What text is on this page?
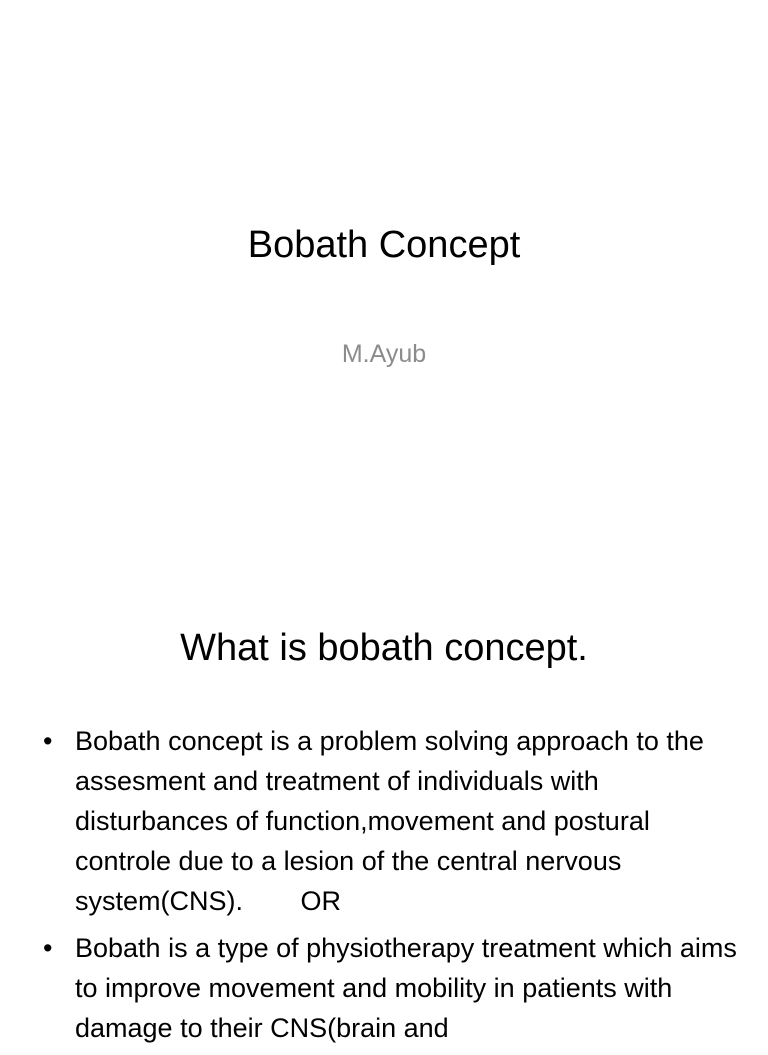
Bobath Concept
M.Ayub
What is bobath concept.
• Bobath concept is a problem solving approach to the assesment and treatment of individuals with disturbances of function,movement and postural controle due to a lesion of the central nervous system(CNS). OR
• Bobath is a type of physiotherapy treatment which aims to improve movement and mobility in patients with damage to their CNS(brain and
